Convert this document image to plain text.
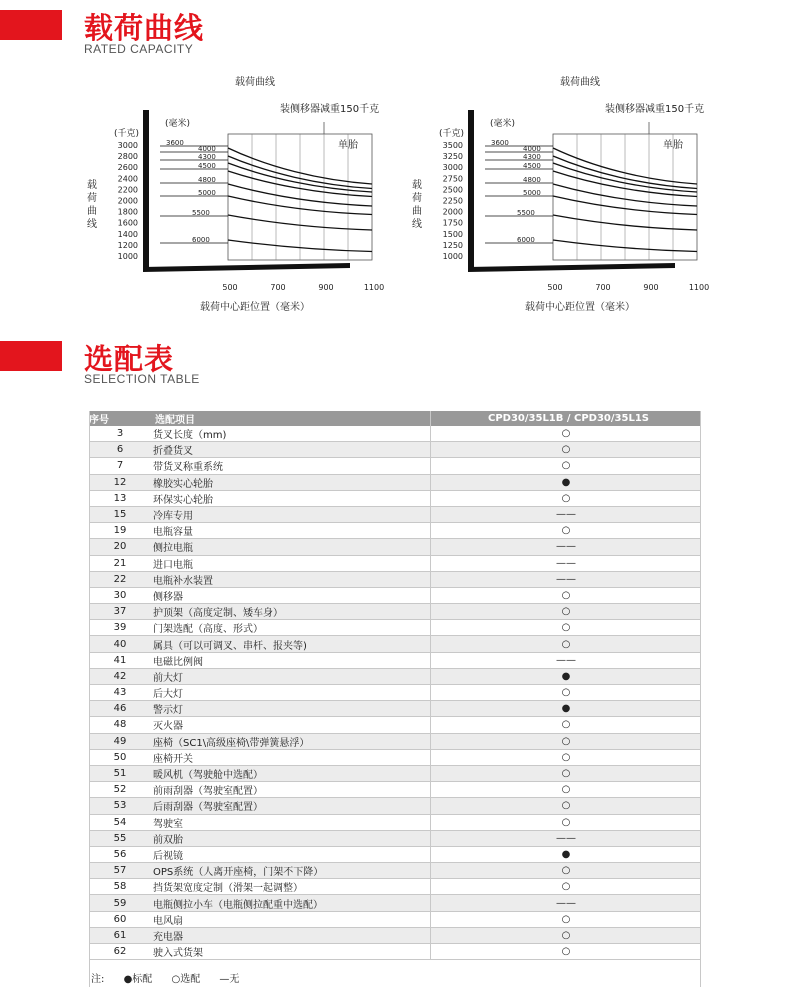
载荷曲线
RATED CAPACITY
载荷曲线
装侧移器减重150千克
(毫米)
(千克)
单胎
载
荷
曲
线
3000
2800
2600
2400
2200
2000
1800
1600
1400
1200
1000
500	700	900	1100
载荷中心距位置（毫米）
3600
4000
4300
4500
4800
5000
5500
6000
载荷曲线
装侧移器减重150千克
(毫米)
(千克)
单胎
载
荷
曲
线
3500
3250
3000
2750
2500
2250
2000
1750
1500
1250
1000
500	700	900	1100
载荷中心距位置（毫米）
3600
4000
4300
4500
4800
5000
5500
6000
选配表
SELECTION TABLE
序号	选配项目	CPD30/35L1B / CPD30/35L1S
3	货叉长度（mm)	○
6	折叠货叉	○
7	带货叉称重系统	○
12	橡胶实心轮胎	●
13	环保实心轮胎	○
15	冷库专用	——
19	电瓶容量	○
20	侧拉电瓶	——
21	进口电瓶	——
22	电瓶补水装置	——
30	侧移器	○
37	护顶架（高度定制、矮车身）	○
39	门架选配（高度、形式）	○
40	属具（可以可调叉、串杆、报夹等)	○
41	电磁比例阀	——
42	前大灯	●
43	后大灯	○
46	警示灯	●
48	灭火器	○
49	座椅（SC1\高级座椅\带弹簧悬浮）	○
50	座椅开关	○
51	暖风机（驾驶舱中选配）	○
52	前雨刮器（驾驶室配置）	○
53	后雨刮器（驾驶室配置）	○
54	驾驶室	○
55	前双胎	——
56	后视镜	●
57	OPS系统（人离开座椅，门架不下降）	○
58	挡货架宽度定制（滑架一起调整）	○
59	电瓶侧拉小车（电瓶侧拉配重中选配）	——
60	电风扇	○
61	充电器	○
62	驶入式货架	○
注: ●标配 ○选配 —无
